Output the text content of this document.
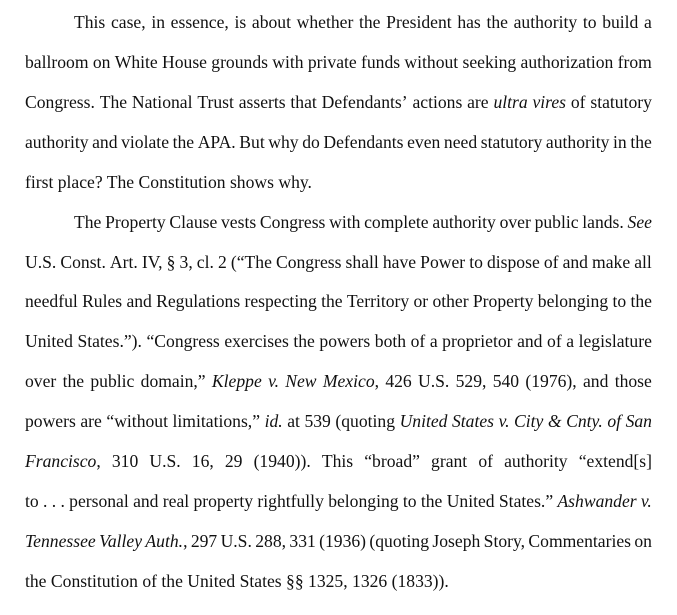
This case, in essence, is about whether the President has the authority to build a
ballroom on White House grounds with private funds without seeking authorization from
Congress. The National Trust asserts that Defendants’ actions are ultra vires of statutory
authority and violate the APA. But why do Defendants even need statutory authority in the
first place? The Constitution shows why.
The Property Clause vests Congress with complete authority over public lands. See
U.S. Const. Art. IV, § 3, cl. 2 (“The Congress shall have Power to dispose of and make all
needful Rules and Regulations respecting the Territory or other Property belonging to the
United States.”). “Congress exercises the powers both of a proprietor and of a legislature
over the public domain,” Kleppe v. New Mexico, 426 U.S. 529, 540 (1976), and those
powers are “without limitations,” id. at 539 (quoting United States v. City & Cnty. of San
Francisco, 310 U.S. 16, 29 (1940)). This “broad” grant of authority “extend[s]
to . . . personal and real property rightfully belonging to the United States.” Ashwander v.
Tennessee Valley Auth., 297 U.S. 288, 331 (1936) (quoting Joseph Story, Commentaries on
the Constitution of the United States §§ 1325, 1326 (1833)).
